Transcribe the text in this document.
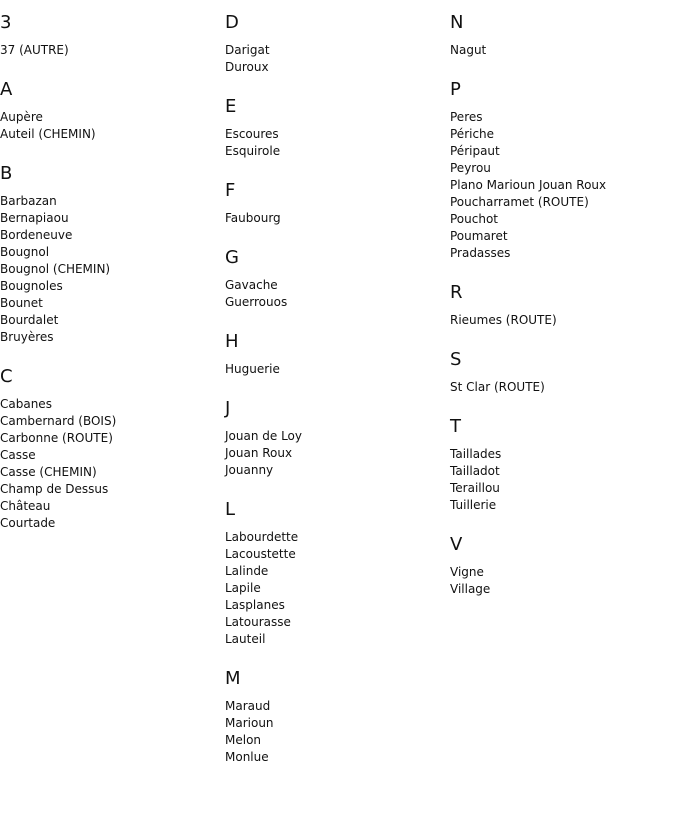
3
37 (AUTRE)
A
Aupère
Auteil (CHEMIN)
B
Barbazan
Bernapiaou
Bordeneuve
Bougnol
Bougnol (CHEMIN)
Bougnoles
Bounet
Bourdalet
Bruyères
C
Cabanes
Cambernard (BOIS)
Carbonne (ROUTE)
Casse
Casse (CHEMIN)
Champ de Dessus
Château
Courtade
D
Darigat
Duroux
E
Escoures
Esquirole
F
Faubourg
G
Gavache
Guerrouos
H
Huguerie
J
Jouan de Loy
Jouan Roux
Jouanny
L
Labourdette
Lacoustette
Lalinde
Lapile
Lasplanes
Latourasse
Lauteil
M
Maraud
Marioun
Melon
Monlue
N
Nagut
P
Peres
Périche
Péripaut
Peyrou
Plano Marioun Jouan Roux
Poucharramet (ROUTE)
Pouchot
Poumaret
Pradasses
R
Rieumes (ROUTE)
S
St Clar (ROUTE)
T
Taillades
Tailladot
Teraillou
Tuillerie
V
Vigne
Village
